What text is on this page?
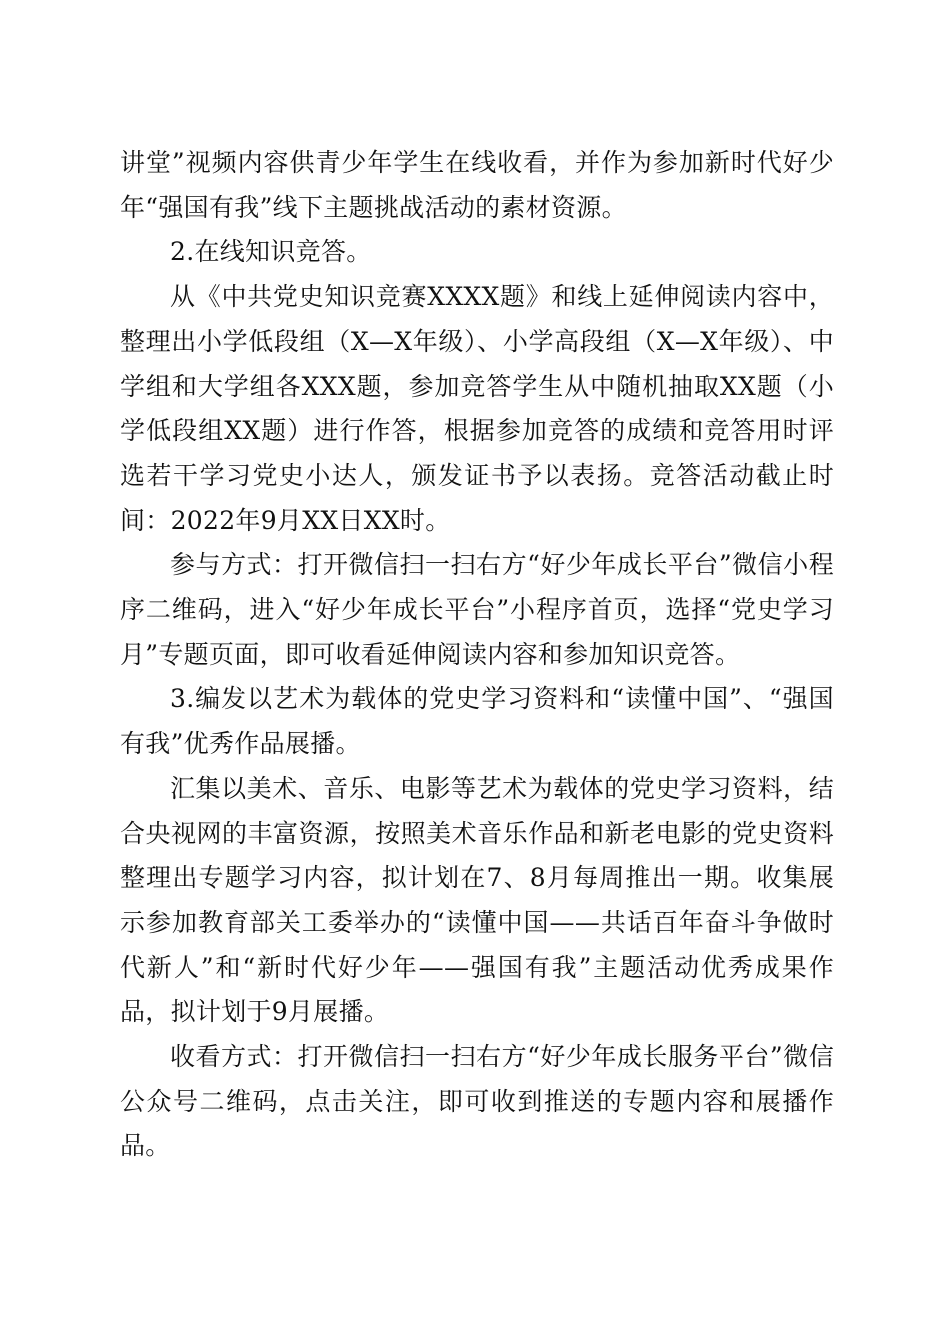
讲堂”视频内容供青少年学生在线收看，并作为参加新时代好少年“强国有我”线下主题挑战活动的素材资源。

2.在线知识竞答。

从《中共党史知识竞赛XXXX题》和线上延伸阅读内容中，整理出小学低段组（X—X年级）、小学高段组（X—X年级）、中学组和大学组各XXX题，参加竞答学生从中随机抽取XX题（小学低段组XX题）进行作答，根据参加竞答的成绩和竞答用时评选若干学习党史小达人，颁发证书予以表扬。竞答活动截止时间：2022年9月XX日XX时。

参与方式：打开微信扫一扫右方“好少年成长平台”微信小程序二维码，进入“好少年成长平台”小程序首页，选择“党史学习月”专题页面，即可收看延伸阅读内容和参加知识竞答。

3.编发以艺术为载体的党史学习资料和“读懂中国”、“强国有我”优秀作品展播。

汇集以美术、音乐、电影等艺术为载体的党史学习资料，结合央视网的丰富资源，按照美术音乐作品和新老电影的党史资料整理出专题学习内容，拟计划在7、8月每周推出一期。收集展示参加教育部关工委举办的“读懂中国——共话百年奋斗争做时代新人”和“新时代好少年——强国有我”主题活动优秀成果作品，拟计划于9月展播。

收看方式：打开微信扫一扫右方“好少年成长服务平台”微信公众号二维码，点击关注，即可收到推送的专题内容和展播作品。
